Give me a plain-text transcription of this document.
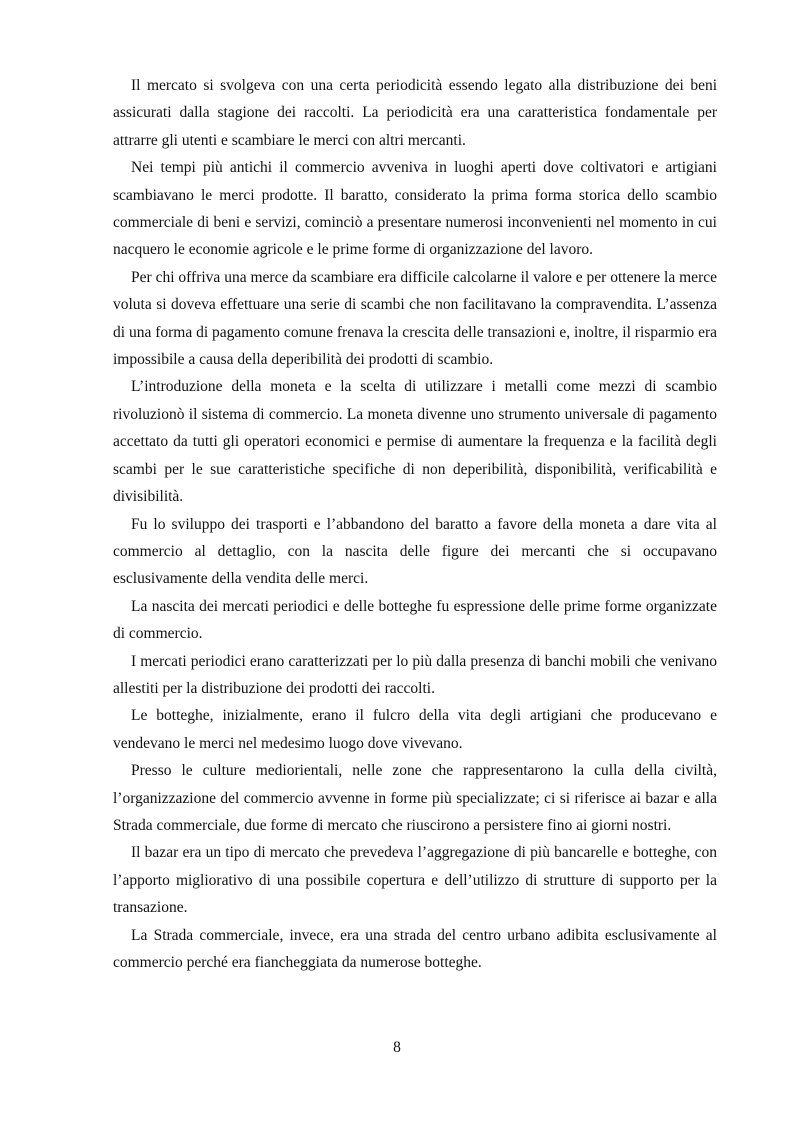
Il mercato si svolgeva con una certa periodicità essendo legato alla distribuzione dei beni assicurati dalla stagione dei raccolti. La periodicità era una caratteristica fondamentale per attrarre gli utenti e scambiare le merci con altri mercanti.

Nei tempi più antichi il commercio avveniva in luoghi aperti dove coltivatori e artigiani scambiavano le merci prodotte. Il baratto, considerato la prima forma storica dello scambio commerciale di beni e servizi, cominciò a presentare numerosi inconvenienti nel momento in cui nacquero le economie agricole e le prime forme di organizzazione del lavoro.

Per chi offriva una merce da scambiare era difficile calcolarne il valore e per ottenere la merce voluta si doveva effettuare una serie di scambi che non facilitavano la compravendita. L’assenza di una forma di pagamento comune frenava la crescita delle transazioni e, inoltre, il risparmio era impossibile a causa della deperibilità dei prodotti di scambio.

L’introduzione della moneta e la scelta di utilizzare i metalli come mezzi di scambio rivoluzionò il sistema di commercio. La moneta divenne uno strumento universale di pagamento accettato da tutti gli operatori economici e permise di aumentare la frequenza e la facilità degli scambi per le sue caratteristiche specifiche di non deperibilità, disponibilità, verificabilità e divisibilità.

Fu lo sviluppo dei trasporti e l’abbandono del baratto a favore della moneta a dare vita al commercio al dettaglio, con la nascita delle figure dei mercanti che si occupavano esclusivamente della vendita delle merci.

La nascita dei mercati periodici e delle botteghe fu espressione delle prime forme organizzate di commercio.

I mercati periodici erano caratterizzati per lo più dalla presenza di banchi mobili che venivano allestiti per la distribuzione dei prodotti dei raccolti.

Le botteghe, inizialmente, erano il fulcro della vita degli artigiani che producevano e vendevano le merci nel medesimo luogo dove vivevano.

Presso le culture mediorientali, nelle zone che rappresentarono la culla della civiltà, l’organizzazione del commercio avvenne in forme più specializzate; ci si riferisce ai bazar e alla Strada commerciale, due forme di mercato che riuscirono a persistere fino ai giorni nostri.

Il bazar era un tipo di mercato che prevedeva l’aggregazione di più bancarelle e botteghe, con l’apporto migliorativo di una possibile copertura e dell’utilizzo di strutture di supporto per la transazione.

La Strada commerciale, invece, era una strada del centro urbano adibita esclusivamente al commercio perché era fiancheggiata da numerose botteghe.

8
